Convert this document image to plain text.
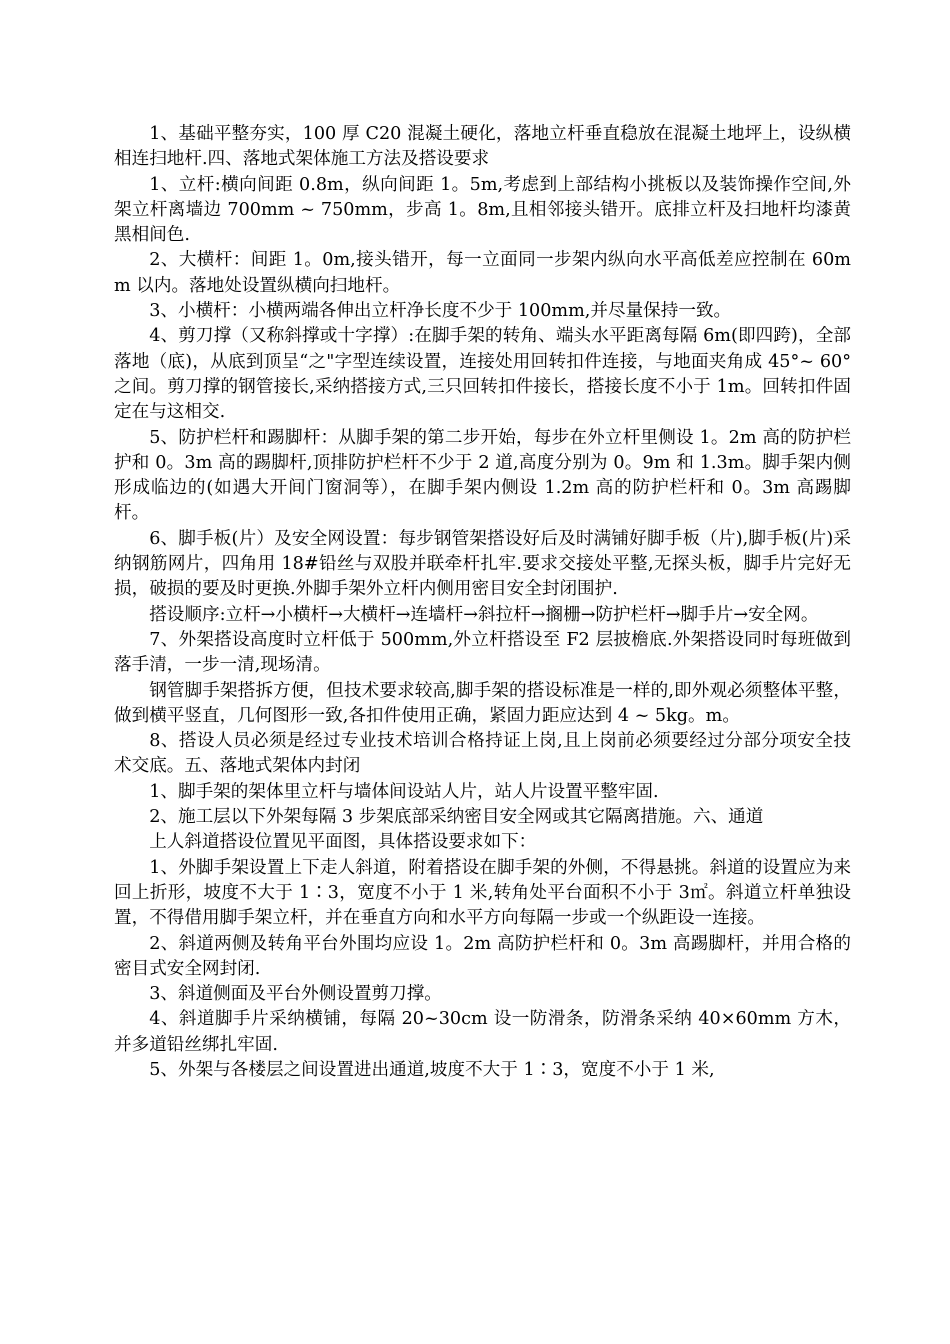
1、基础平整夯实，100 厚 C20 混凝土硬化，落地立杆垂直稳放在混凝土地坪上，设纵横相连扫地杆.四、落地式架体施工方法及搭设要求

1、立杆:横向间距 0.8m，纵向间距 1。5m,考虑到上部结构小挑板以及装饰操作空间,外架立杆离墙边 700mm ~ 750mm，步高 1。8m,且相邻接头错开。底排立杆及扫地杆均漆黄黑相间色.

2、大横杆：间距 1。0m,接头错开，每一立面同一步架内纵向水平高低差应控制在 60mm 以内。落地处设置纵横向扫地杆。

3、小横杆：小横两端各伸出立杆净长度不少于 100mm,并尽量保持一致。

4、剪刀撑（又称斜撑或十字撑）:在脚手架的转角、端头水平距离每隔 6m(即四跨)，全部落地（底)，从底到顶呈“之"字型连续设置，连接处用回转扣件连接，与地面夹角成 45°~ 60°之间。剪刀撑的钢管接长,采纳搭接方式,三只回转扣件接长，搭接长度不小于 1m。回转扣件固定在与这相交.

5、防护栏杆和踢脚杆：从脚手架的第二步开始，每步在外立杆里侧设 1。2m 高的防护栏护和 0。3m 高的踢脚杆,顶排防护栏杆不少于 2 道,高度分别为 0。9m 和 1.3m。脚手架内侧形成临边的(如遇大开间门窗洞等），在脚手架内侧设 1.2m 高的防护栏杆和 0。3m 高踢脚杆。

6、脚手板(片）及安全网设置：每步钢管架搭设好后及时满铺好脚手板（片),脚手板(片)采纳钢筋网片，四角用 18#铅丝与双股并联牵杆扎牢.要求交接处平整,无探头板，脚手片完好无损，破损的要及时更换.外脚手架外立杆内侧用密目安全封闭围护.

搭设顺序:立杆→小横杆→大横杆→连墙杆→斜拉杆→搁栅→防护栏杆→脚手片→安全网。

7、外架搭设高度时立杆低于 500mm,外立杆搭设至 F2 层披檐底.外架搭设同时每班做到落手清，一步一清,现场清。

钢管脚手架搭拆方便，但技术要求较高,脚手架的搭设标准是一样的,即外观必须整体平整，做到横平竖直，几何图形一致,各扣件使用正确，紧固力距应达到 4 ~ 5kg。m。

8、搭设人员必须是经过专业技术培训合格持证上岗,且上岗前必须要经过分部分项安全技术交底。五、落地式架体内封闭

1、脚手架的架体里立杆与墙体间设站人片，站人片设置平整牢固.

2、施工层以下外架每隔 3 步架底部采纳密目安全网或其它隔离措施。六、通道

上人斜道搭设位置见平面图，具体搭设要求如下：

1、外脚手架设置上下走人斜道，附着搭设在脚手架的外侧，不得悬挑。斜道的设置应为来回上折形，坡度不大于 1∶3，宽度不小于 1 米,转角处平台面积不小于 3㎡。斜道立杆单独设置，不得借用脚手架立杆，并在垂直方向和水平方向每隔一步或一个纵距设一连接。

2、斜道两侧及转角平台外围均应设 1。2m 高防护栏杆和 0。3m 高踢脚杆，并用合格的密目式安全网封闭.

3、斜道侧面及平台外侧设置剪刀撑。

4、斜道脚手片采纳横铺，每隔 20~30cm 设一防滑条，防滑条采纳 40×60mm 方木，并多道铅丝绑扎牢固.

5、外架与各楼层之间设置进出通道,坡度不大于 1∶3，宽度不小于 1 米,
